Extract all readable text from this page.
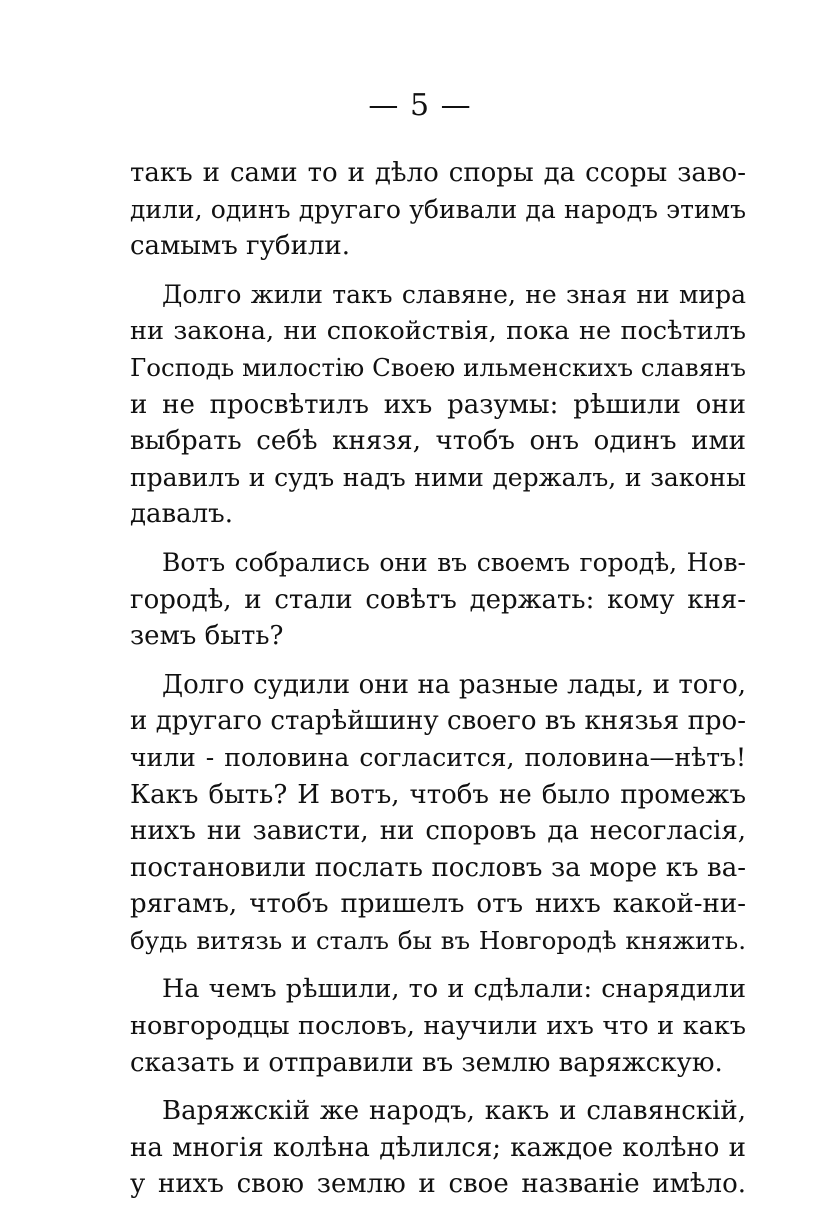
— 5 —

такъ и сами то и дѣло споры да ссоры заво-
дили, одинъ другаго убивали да народъ этимъ
самымъ губили.

Долго жили такъ славяне, не зная ни мира
ни закона, ни спокойствія, пока не посѣтилъ
Господь милостію Своею ильменскихъ славянъ
и не просвѣтилъ ихъ разумы: рѣшили они
выбрать себѣ князя, чтобъ онъ одинъ ими
правилъ и судъ надъ ними держалъ, и законы
давалъ.

Вотъ собрались они въ своемъ городѣ, Нов-
городѣ, и стали совѣтъ держать: кому кня-
земъ быть?

Долго судили они на разные лады, и того,
и другаго старѣйшину своего въ князья про-
чили - половина согласится, половина—нѣтъ!
Какъ быть? И вотъ, чтобъ не было промежъ
нихъ ни зависти, ни споровъ да несогласія,
постановили послать пословъ за море къ ва-
рягамъ, чтобъ пришелъ отъ нихъ какой-ни-
будь витязь и сталъ бы въ Новгородѣ княжить.

На чемъ рѣшили, то и сдѣлали: снарядили
новгородцы пословъ, научили ихъ что и какъ
сказать и отправили въ землю варяжскую.

Варяжскій же народъ, какъ и славянскій,
на многія колѣна дѣлился; каждое колѣно и
у нихъ свою землю и свое названіе имѣло.
